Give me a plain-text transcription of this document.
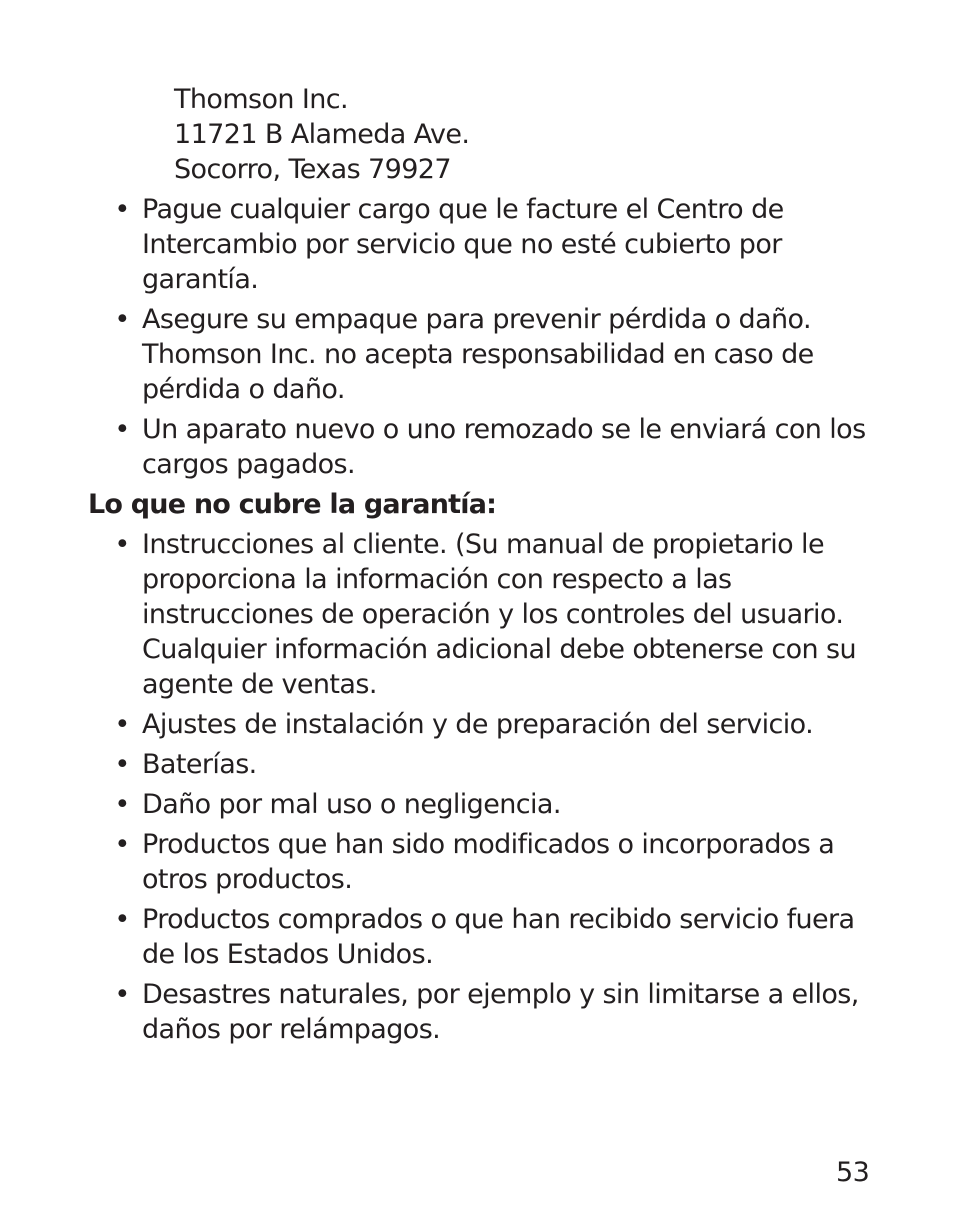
Thomson Inc.
11721 B Alameda Ave.
Socorro, Texas 79927
• Pague cualquier cargo que le facture el Centro de Intercambio por servicio que no esté cubierto por garantía.
• Asegure su empaque para prevenir pérdida o daño. Thomson Inc. no acepta responsabilidad en caso de pérdida o daño.
• Un aparato nuevo o uno remozado se le enviará con los cargos pagados.
Lo que no cubre la garantía:
• Instrucciones al cliente. (Su manual de propietario le proporciona la información con respecto a las instrucciones de operación y los controles del usuario. Cualquier información adicional debe obtenerse con su agente de ventas.
• Ajustes de instalación y de preparación del servicio.
• Baterías.
• Daño por mal uso o negligencia.
• Productos que han sido modificados o incorporados a otros productos.
• Productos comprados o que han recibido servicio fuera de los Estados Unidos.
• Desastres naturales, por ejemplo y sin limitarse a ellos, daños por relámpagos.
53
